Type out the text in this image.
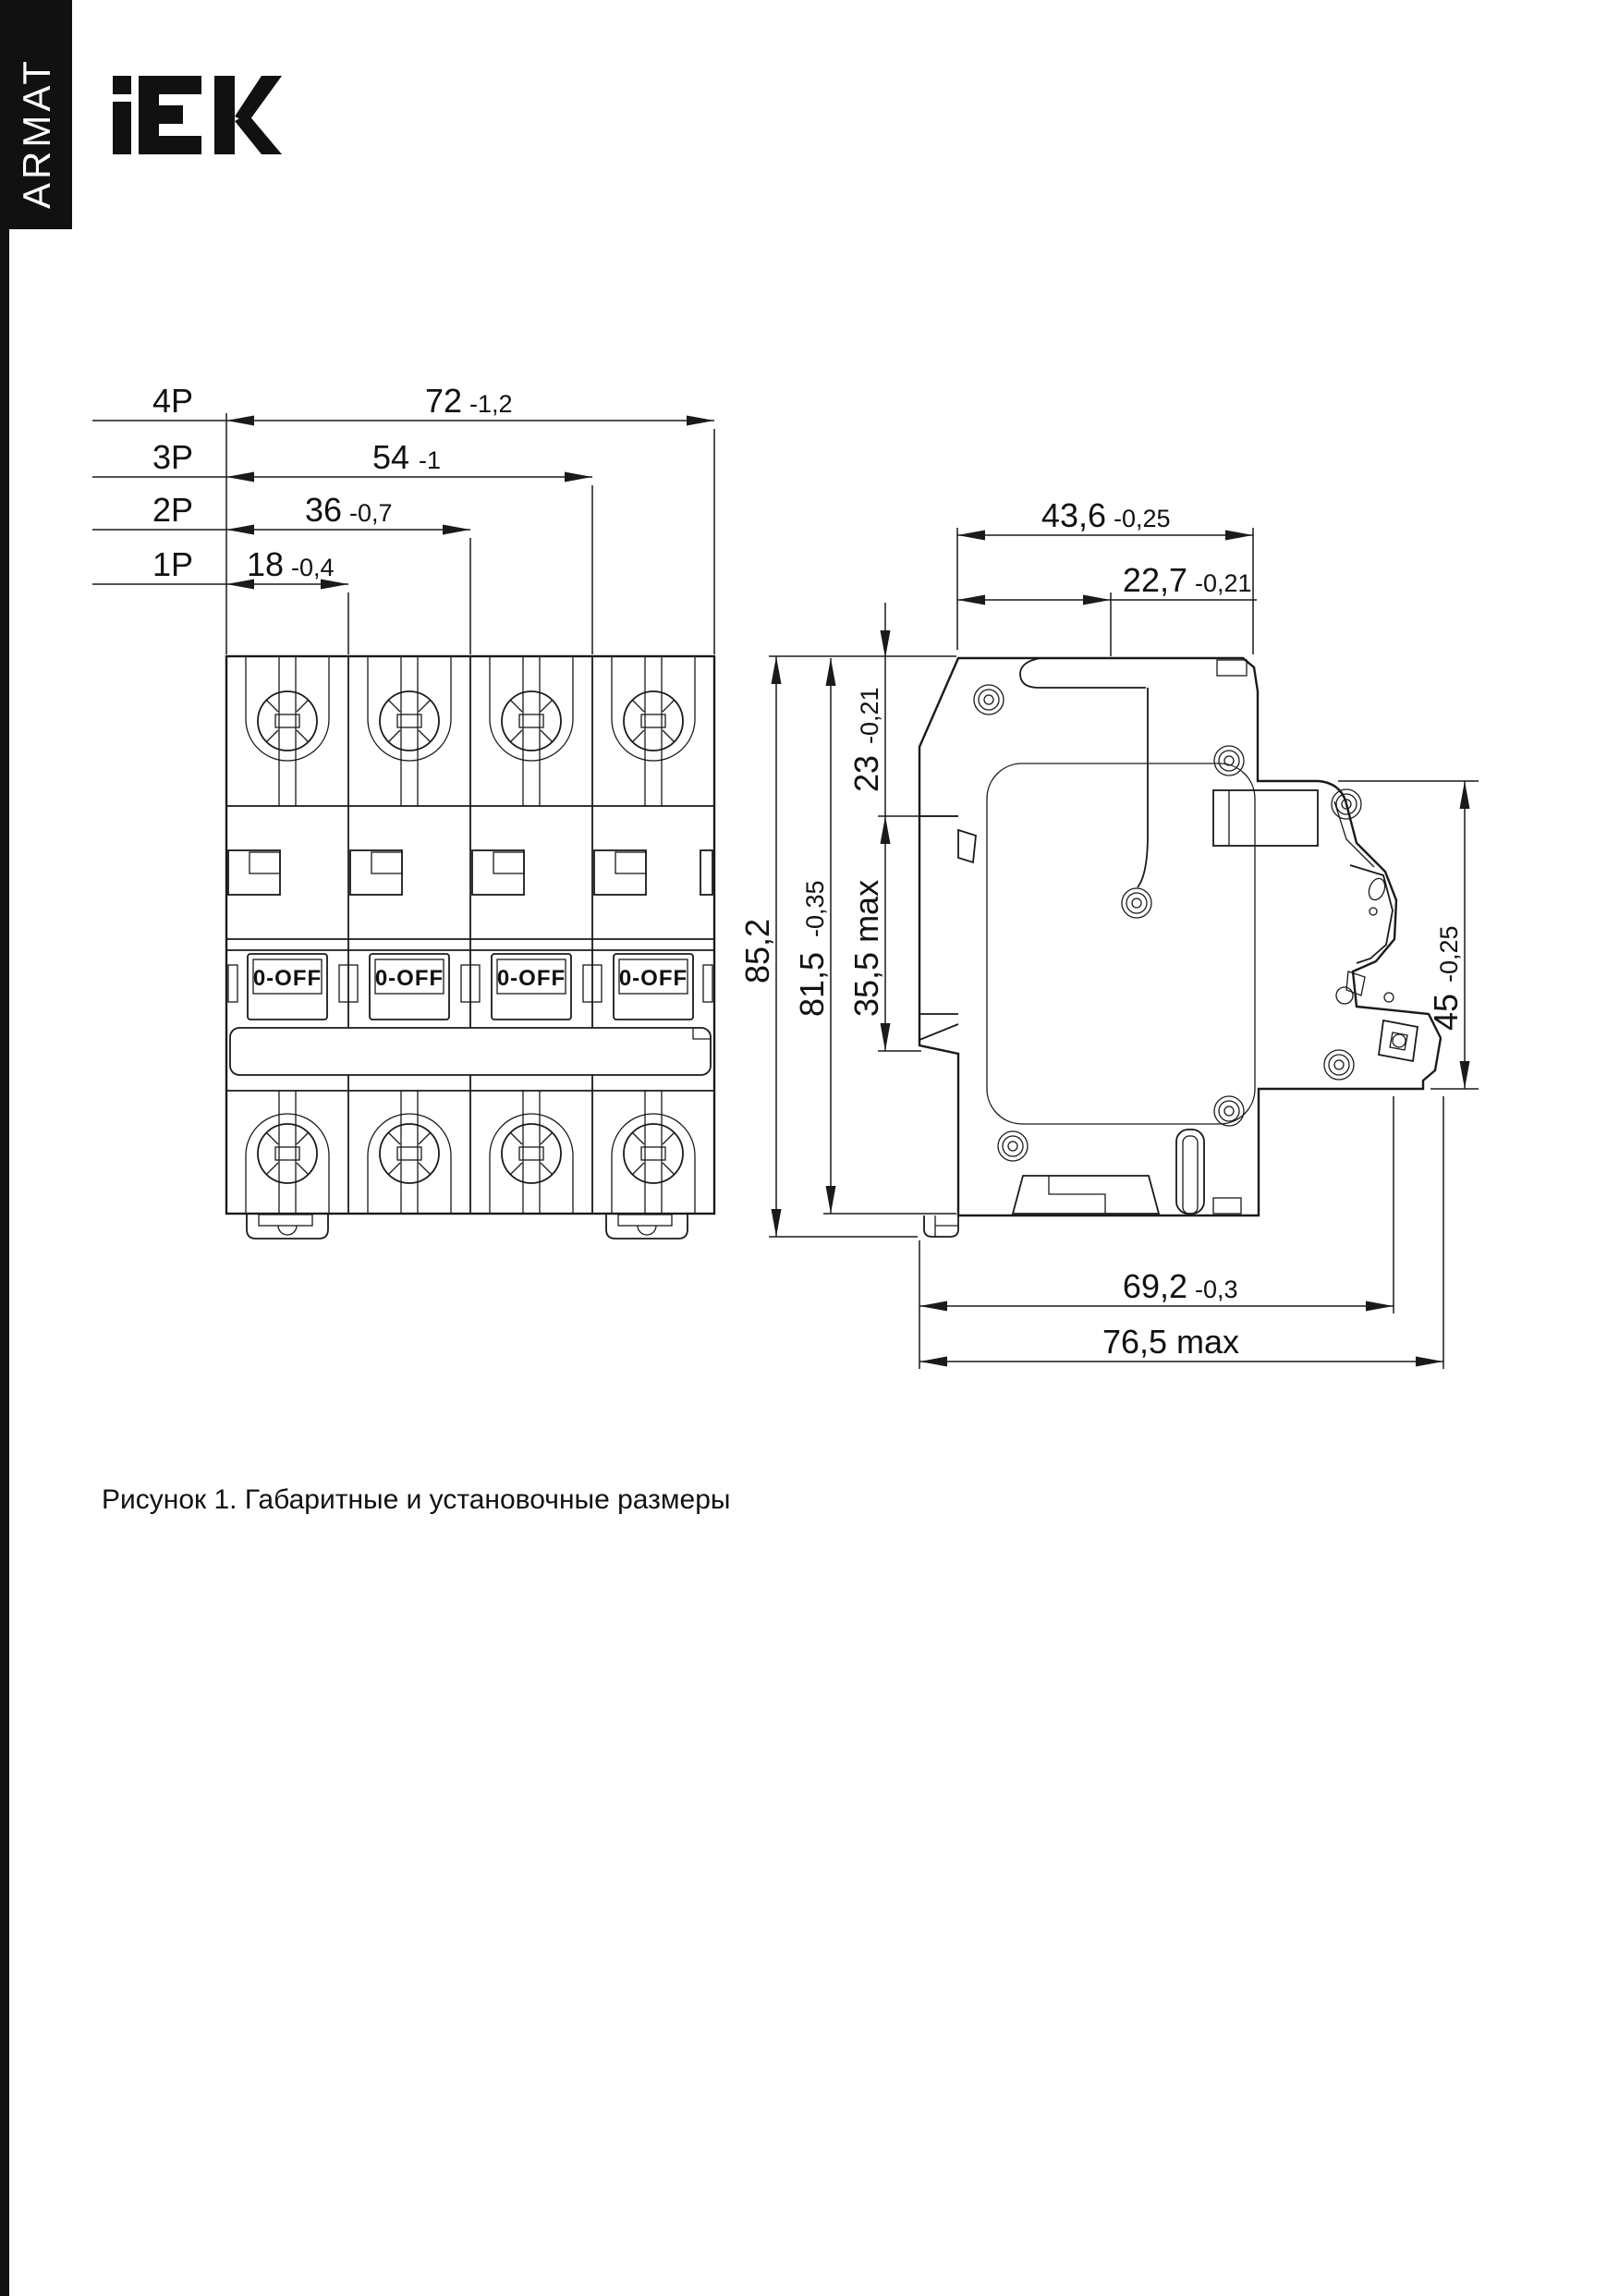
ARMAT
0-OFF 0-OFF 0-OFF 0-OFF
4P	72 -1,2
3P	54 -1
2P	36 -0,7
1P 18 -0,4
85,2
81,5
-0,35
23
-0,21
35,5 max
43,6 -0,25
22,7 -0,21
45
-0,25
69,2 -0,3
76,5 max
Рисунок 1. Габаритные и установочные размеры
